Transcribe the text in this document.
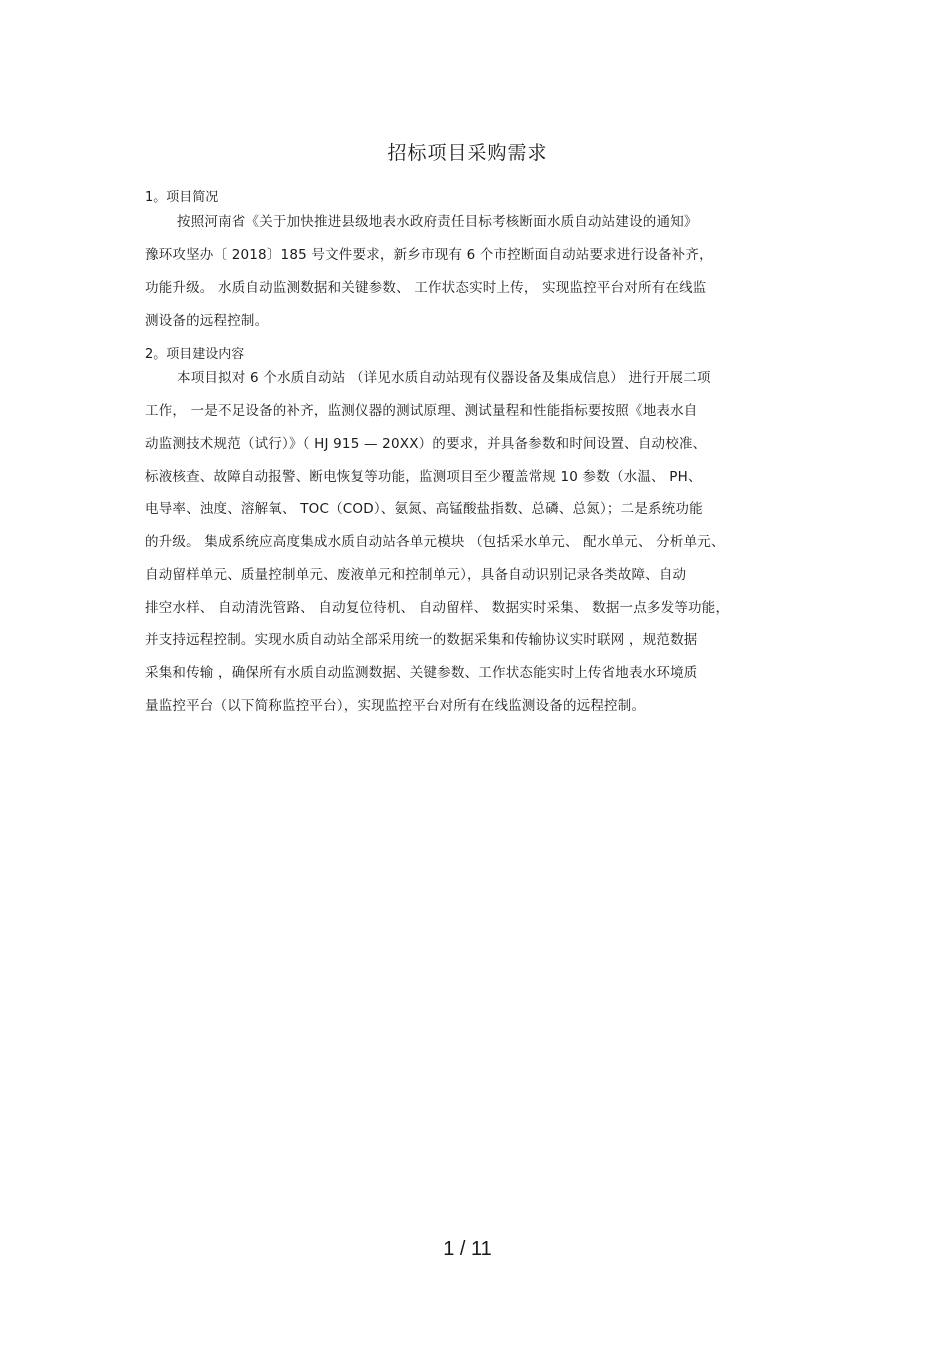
招标项目采购需求
1。项目简况
按照河南省《关于加快推进县级地表水政府责任目标考核断面水质自动站建设的通知》
豫环攻坚办〔 2018〕185 号文件要求，新乡市现有 6 个市控断面自动站要求进行设备补齐，
功能升级。 水质自动监测数据和关键参数、 工作状态实时上传， 实现监控平台对所有在线监
测设备的远程控制。
2。项目建设内容
本项目拟对 6 个水质自动站 （详见水质自动站现有仪器设备及集成信息） 进行开展二项
工作， 一是不足设备的补齐，监测仪器的测试原理、测试量程和性能指标要按照《地表水自
动监测技术规范（试行）》（ HJ 915 — 20XX）的要求，并具备参数和时间设置、自动校准、
标液核查、故障自动报警、断电恢复等功能，监测项目至少覆盖常规 10 参数（水温、 PH、
电导率、浊度、溶解氧、 TOC（COD）、氨氮、高锰酸盐指数、总磷、总氮）；二是系统功能
的升级。 集成系统应高度集成水质自动站各单元模块 （包括采水单元、 配水单元、 分析单元、
自动留样单元、质量控制单元、废液单元和控制单元），具备自动识别记录各类故障、自动
排空水样、 自动清洗管路、 自动复位待机、 自动留样、 数据实时采集、 数据一点多发等功能，
并支持远程控制。实现水质自动站全部采用统一的数据采集和传输协议实时联网 ，规范数据
采集和传输 ，确保所有水质自动监测数据、关键参数、工作状态能实时上传省地表水环境质
量监控平台（以下简称监控平台），实现监控平台对所有在线监测设备的远程控制。
1 / 11
